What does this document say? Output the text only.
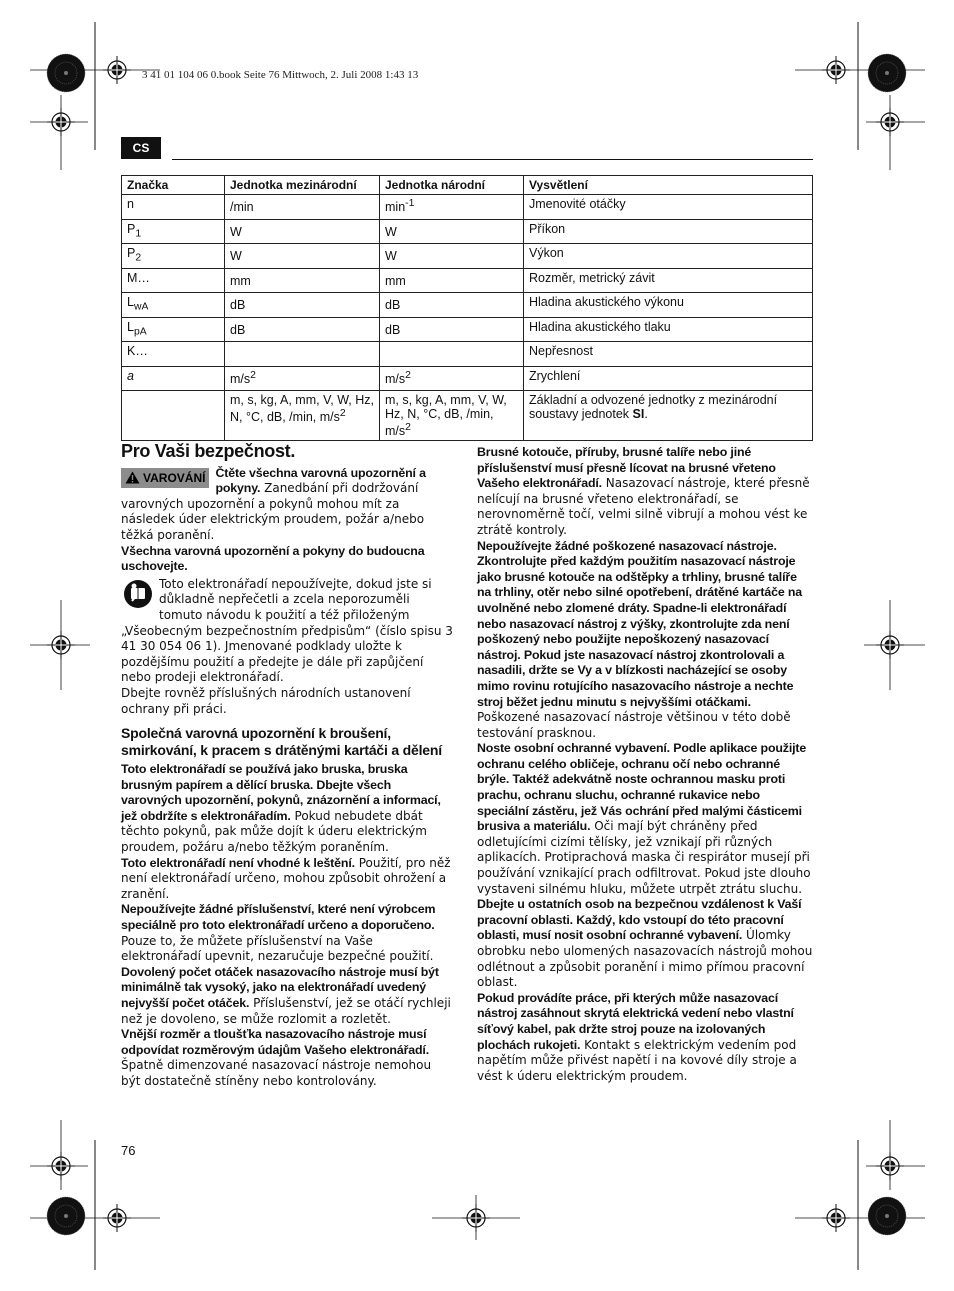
3 41 01 104 06 0.book Seite 76 Mittwoch, 2. Juli 2008 1:43 13
CS
Značka	Jednotka mezinárodní	Jednotka národní	Vysvětlení
n	/min	$\min^{-1}$	Jmenovité otáčky
$P_1$	W	W	Příkon
$P_2$	W	W	Výkon
M…	mm	mm	Rozměr, metrický závit
$L_{wA}$	dB	dB	Hladina akustického výkonu
$L_{pA}$	dB	dB	Hladina akustického tlaku
K…			Nepřesnost
a	$m/s^2$	$m/s^2$	Zrychlení
	m, s, kg, A, mm, V, W, Hz, N, °C, dB, /min, $m/s^2$	m, s, kg, A, mm, V, W, Hz, N, °C, dB, /min, $m/s^2$	Základní a odvozené jednotky z mezinárodní soustavy jednotek SI.
Pro Vaši bezpečnost.

VAROVÁNÍ Čtěte všechna varovná upozornění a pokyny. Zanedbání při dodržování varovných upozornění a pokynů mohou mít za následek úder elektrickým proudem, požár a/nebo těžká poranění.

Všechna varovná upozornění a pokyny do budoucna uschovejte.

Toto elektronářadí nepoužívejte, dokud jste si důkladně nepřečetli a zcela neporozuměli tomuto návodu k použití a též přiloženým „Všeobecným bezpečnostním předpisům“ (číslo spisu 3 41 30 054 06 1). Jmenované podklady uložte k pozdějšímu použití a předejte je dále při zapůjčení nebo prodeji elektronářadí.

Dbejte rovněž příslušných národních ustanovení ochrany při práci.

Společná varovná upozornění k broušení, smirkování, k pracem s drátěnými kartáči a dělení

Toto elektronářadí se používá jako bruska, bruska brusným papírem a dělící bruska. Dbejte všech varovných upozornění, pokynů, znázornění a informací, jež obdržíte s elektronářadím. Pokud nebudete dbát těchto pokynů, pak může dojít k úderu elektrickým proudem, požáru a/nebo těžkým poraněním.

Toto elektronářadí není vhodné k leštění. Použití, pro něž není elektronářadí určeno, mohou způsobit ohrožení a zranění.

Nepoužívejte žádné příslušenství, které není výrobcem speciálně pro toto elektronářadí určeno a doporučeno. Pouze to, že můžete příslušenství na Vaše elektronářadí upevnit, nezaručuje bezpečné použití.

Dovolený počet otáček nasazovacího nástroje musí být minimálně tak vysoký, jako na elektronářadí uvedený nejvyšší počet otáček. Příslušenství, jež se otáčí rychleji než je dovoleno, se může rozlomit a rozletět.

Vnější rozměr a tloušťka nasazovacího nástroje musí odpovídat rozměrovým údajům Vašeho elektronářadí. Špatně dimenzované nasazovací nástroje nemohou být dostatečně stíněny nebo kontrolovány.

Brusné kotouče, příruby, brusné talíře nebo jiné příslušenství musí přesně lícovat na brusné vřeteno Vašeho elektronářadí. Nasazovací nástroje, které přesně nelícují na brusné vřeteno elektronářadí, se nerovnoměrně točí, velmi silně vibrují a mohou vést ke ztrátě kontroly.

Nepoužívejte žádné poškozené nasazovací nástroje. Zkontrolujte před každým použitím nasazovací nástroje jako brusné kotouče na odštěpky a trhliny, brusné talíře na trhliny, otěr nebo silné opotřebení, drátěné kartáče na uvolněné nebo zlomené dráty. Spadne-li elektronářadí nebo nasazovací nástroj z výšky, zkontrolujte zda není poškozený nebo použijte nepoškozený nasazovací nástroj. Pokud jste nasazovací nástroj zkontrolovali a nasadili, držte se Vy a v blízkosti nacházející se osoby mimo rovinu rotujícího nasazovacího nástroje a nechte stroj běžet jednu minutu s nejvyššími otáčkami. Poškozené nasazovací nástroje většinou v této době testování prasknou.

Noste osobní ochranné vybavení. Podle aplikace použijte ochranu celého obličeje, ochranu očí nebo ochranné brýle. Taktéž adekvátně noste ochrannou masku proti prachu, ochranu sluchu, ochranné rukavice nebo speciální zástěru, jež Vás ochrání před malými částicemi brusiva a materiálu. Oči mají být chráněny před odletujícími cizími tělísky, jež vznikají při různých aplikacích. Protiprachová maska či respirátor musejí při používání vznikající prach odfiltrovat. Pokud jste dlouho vystaveni silnému hluku, můžete utrpět ztrátu sluchu.

Dbejte u ostatních osob na bezpečnou vzdálenost k Vaší pracovní oblasti. Každý, kdo vstoupí do této pracovní oblasti, musí nosit osobní ochranné vybavení. Úlomky obrobku nebo ulomených nasazovacích nástrojů mohou odlétnout a způsobit poranění i mimo přímou pracovní oblast.

Pokud provádíte práce, při kterých může nasazovací nástroj zasáhnout skrytá elektrická vedení nebo vlastní síťový kabel, pak držte stroj pouze na izolovaných plochách rukojeti. Kontakt s elektrickým vedením pod napětím může přivést napětí i na kovové díly stroje a vést k úderu elektrickým proudem.

76
